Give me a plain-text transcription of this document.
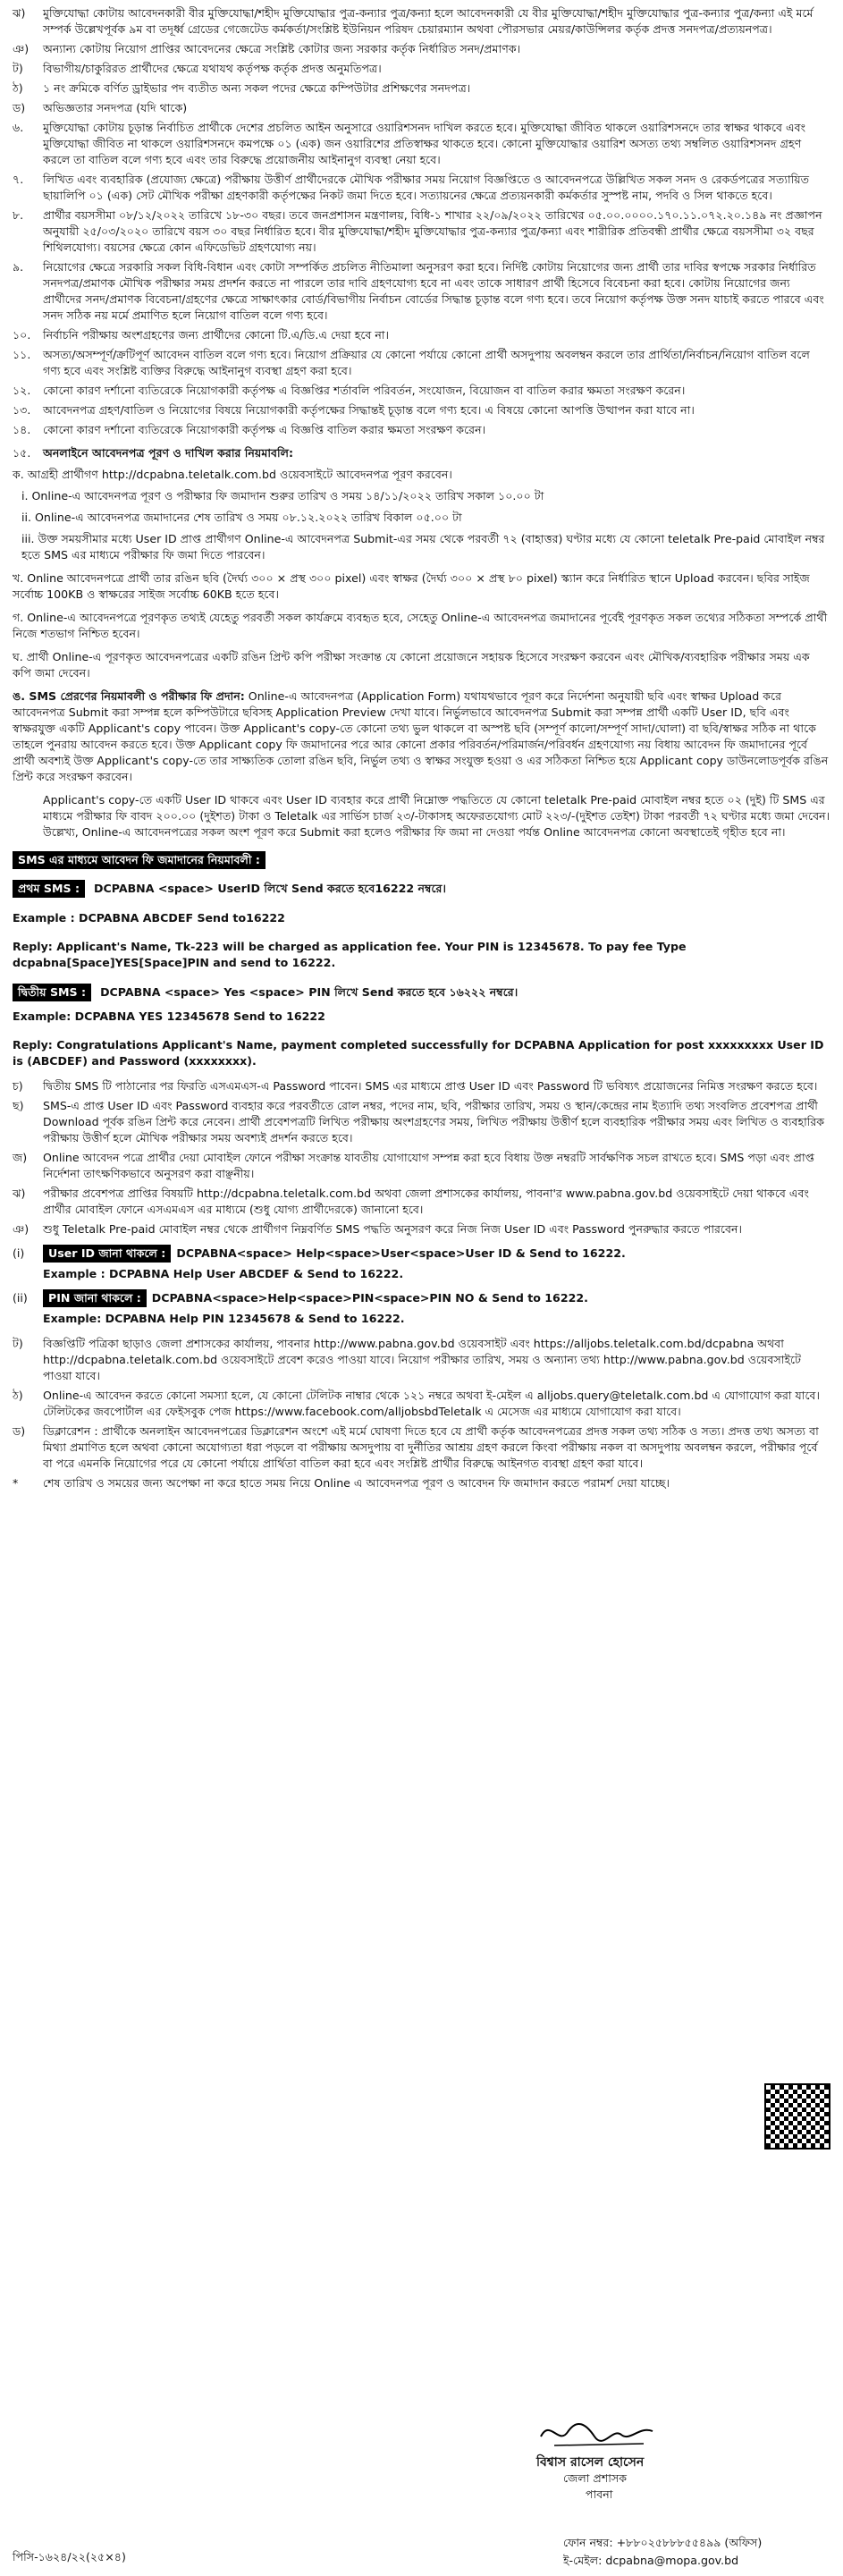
ঝ)	মুক্তিযোদ্ধা কোটায় আবেদনকারী বীর মুক্তিযোদ্ধা/শহীদ মুক্তিযোদ্ধার পুত্র-কন্যার পুত্র/কন্যা হলে আবেদনকারী যে বীর মুক্তিযোদ্ধা/শহীদ মুক্তিযোদ্ধার পুত্র-কন্যার পুত্র/কন্যা এই মর্মে সম্পর্ক উল্লেখপূর্বক ৯ম বা তদূর্ধ্ব গ্রেডের গেজেটেড কর্মকর্তা/সংশ্লিষ্ট ইউনিয়ন পরিষদ চেয়ারম্যান অথবা পৌরসভার মেয়র/কাউন্সিলর কর্তৃক প্রদত্ত সনদপত্র/প্রত্যয়নপত্র।
ঞ)	অন্যান্য কোটায় নিয়োগ প্রাপ্তির আবেদনের ক্ষেত্রে সংশ্লিষ্ট কোটার জন্য সরকার কর্তৃক নির্ধারিত সনদ/প্রমাণক।
ট)	বিভাগীয়/চাকুরিরত প্রার্থীদের ক্ষেত্রে যথাযথ কর্তৃপক্ষ কর্তৃক প্রদত্ত অনুমতিপত্র।
ঠ)	১ নং ক্রমিকে বর্ণিত ড্রাইভার পদ ব্যতীত অন্য সকল পদের ক্ষেত্রে কম্পিউটার প্রশিক্ষণের সনদপত্র।
ড)	অভিজ্ঞতার সনদপত্র (যদি থাকে)
৬.	মুক্তিযোদ্ধা কোটায় চূড়ান্ত নির্বাচিত প্রার্থীকে দেশের প্রচলিত আইন অনুসারে ওয়ারিশসনদ দাখিল করতে হবে। মুক্তিযোদ্ধা জীবিত থাকলে ওয়ারিশসনদে তার স্বাক্ষর থাকবে এবং মুক্তিযোদ্ধা জীবিত না থাকলে ওয়ারিশসনদে কমপক্ষে ০১ (এক) জন ওয়ারিশের প্রতিস্বাক্ষর থাকতে হবে। কোনো মুক্তিযোদ্ধার ওয়ারিশ অসত্য তথ্য সম্বলিত ওয়ারিশসনদ গ্রহণ করলে তা বাতিল বলে গণ্য হবে এবং তার বিরুদ্ধে প্রয়োজনীয় আইনানুগ ব্যবস্থা নেয়া হবে।
৭.	লিখিত এবং ব্যবহারিক (প্রযোজ্য ক্ষেত্রে) পরীক্ষায় উত্তীর্ণ প্রার্থীদেরকে মৌখিক পরীক্ষার সময় নিয়োগ বিজ্ঞপ্তিতে ও আবেদনপত্রে উল্লিখিত সকল সনদ ও রেকর্ডপত্রের সত্যায়িত ছায়ালিপি ০১ (এক) সেট মৌখিক পরীক্ষা গ্রহণকারী কর্তৃপক্ষের নিকট জমা দিতে হবে। সত্যায়নের ক্ষেত্রে প্রত্যয়নকারী কর্মকর্তার সুস্পষ্ট নাম, পদবি ও সিল থাকতে হবে।
৮.	প্রার্থীর বয়সসীমা ০৮/১২/২০২২ তারিখে ১৮-৩০ বছর। তবে জনপ্রশাসন মন্ত্রণালয়, বিধি-১ শাখার ২২/০৯/২০২২ তারিখের ০৫.০০.০০০০.১৭০.১১.০৭২.২০.১৪৯ নং প্রজ্ঞাপন অনুযায়ী ২৫/০৩/২০২০ তারিখে বয়স ৩০ বছর নির্ধারিত হবে। বীর মুক্তিযোদ্ধা/শহীদ মুক্তিযোদ্ধার পুত্র-কন্যার পুত্র/কন্যা এবং শারীরিক প্রতিবন্ধী প্রার্থীর ক্ষেত্রে বয়সসীমা ৩২ বছর শিথিলযোগ্য। বয়সের ক্ষেত্রে কোন এফিডেভিট গ্রহণযোগ্য নয়।
৯.	নিয়োগের ক্ষেত্রে সরকারি সকল বিধি-বিধান এবং কোটা সম্পর্কিত প্রচলিত নীতিমালা অনুসরণ করা হবে। নির্দিষ্ট কোটায় নিয়োগের জন্য প্রার্থী তার দাবির স্বপক্ষে সরকার নির্ধারিত সনদপত্র/প্রমাণক মৌখিক পরীক্ষার সময় প্রদর্শন করতে না পারলে তার দাবি গ্রহণযোগ্য হবে না এবং তাকে সাধারণ প্রার্থী হিসেবে বিবেচনা করা হবে। কোটায় নিয়োগের জন্য প্রার্থীদের সনদ/প্রমাণক বিবেচনা/গ্রহণের ক্ষেত্রে সাক্ষাৎকার বোর্ড/বিভাগীয় নির্বাচন বোর্ডের সিদ্ধান্ত চূড়ান্ত বলে গণ্য হবে। তবে নিয়োগ কর্তৃপক্ষ উক্ত সনদ যাচাই করতে পারবে এবং সনদ সঠিক নয় মর্মে প্রমাণিত হলে নিয়োগ বাতিল বলে গণ্য হবে।
১০.	নির্বাচনি পরীক্ষায় অংশগ্রহণের জন্য প্রার্থীদের কোনো টি.এ/ডি.এ দেয়া হবে না।
১১.	অসত্য/অসম্পূর্ণ/ক্রটিপূর্ণ আবেদন বাতিল বলে গণ্য হবে। নিয়োগ প্রক্রিয়ার যে কোনো পর্যায়ে কোনো প্রার্থী অসদুপায় অবলম্বন করলে তার প্রার্থিতা/নির্বাচন/নিয়োগ বাতিল বলে গণ্য হবে এবং সংশ্লিষ্ট ব্যক্তির বিরুদ্ধে আইনানুগ ব্যবস্থা গ্রহণ করা হবে।
১২.	কোনো কারণ দর্শানো ব্যতিরেকে নিয়োগকারী কর্তৃপক্ষ এ বিজ্ঞপ্তির শর্তাবলি পরিবর্তন, সংযোজন, বিয়োজন বা বাতিল করার ক্ষমতা সংরক্ষণ করেন।
১৩.	আবেদনপত্র গ্রহণ/বাতিল ও নিয়োগের বিষয়ে নিয়োগকারী কর্তৃপক্ষের সিদ্ধান্তই চূড়ান্ত বলে গণ্য হবে। এ বিষয়ে কোনো আপত্তি উত্থাপন করা যাবে না।
১৪.	কোনো কারণ দর্শানো ব্যতিরেকে নিয়োগকারী কর্তৃপক্ষ এ বিজ্ঞপ্তি বাতিল করার ক্ষমতা সংরক্ষণ করেন।
১৫.	অনলাইনে আবেদনপত্র পূরণ ও দাখিল করার নিয়মাবলি:
ক. আগ্রহী প্রার্থীগণ http://dcpabna.teletalk.com.bd ওয়েবসাইটে আবেদনপত্র পূরণ করবেন।
i. Online-এ আবেদনপত্র পূরণ ও পরীক্ষার ফি জমাদান শুরুর তারিখ ও সময় ১৪/১১/২০২২ তারিখ সকাল ১০.০০ টা
ii. Online-এ আবেদনপত্র জমাদানের শেষ তারিখ ও সময় ০৮.১২.২০২২ তারিখ বিকাল ০৫.০০ টা
iii. উক্ত সময়সীমার মধ্যে User ID প্রাপ্ত প্রার্থীগণ Online-এ আবেদনপত্র Submit-এর সময় থেকে পরবর্তী ৭২ (বাহাত্তর) ঘণ্টার মধ্যে যে কোনো teletalk Pre-paid মোবাইল নম্বর হতে SMS এর মাধ্যমে পরীক্ষার ফি জমা দিতে পারবেন।
খ. Online আবেদনপত্রে প্রার্থী তার রঙিন ছবি (দৈর্ঘ্য ৩০০ × প্রস্থ ৩০০ pixel) এবং স্বাক্ষর (দৈর্ঘ্য ৩০০ × প্রস্থ ৮০ pixel) স্ক্যান করে নির্ধারিত স্থানে Upload করবেন। ছবির সাইজ সর্বোচ্চ 100KB ও স্বাক্ষরের সাইজ সর্বোচ্চ 60KB হতে হবে।
গ. Online-এ আবেদনপত্রে পূরণকৃত তথ্যই যেহেতু পরবর্তী সকল কার্যক্রমে ব্যবহৃত হবে, সেহেতু Online-এ আবেদনপত্র জমাদানের পূর্বেই পূরণকৃত সকল তথ্যের সঠিকতা সম্পর্কে প্রার্থী নিজে শতভাগ নিশ্চিত হবেন।
ঘ. প্রার্থী Online-এ পূরণকৃত আবেদনপত্রের একটি রঙিন প্রিন্ট কপি পরীক্ষা সংক্রান্ত যে কোনো প্রয়োজনে সহায়ক হিসেবে সংরক্ষণ করবেন এবং মৌখিক/ব্যবহারিক পরীক্ষার সময় এক কপি জমা দেবেন।
ঙ. SMS প্রেরণের নিয়মাবলী ও পরীক্ষার ফি প্রদান: Online-এ আবেদনপত্র (Application Form) যথাযথভাবে পূরণ করে নির্দেশনা অনুযায়ী ছবি এবং স্বাক্ষর Upload করে আবেদনপত্র Submit করা সম্পন্ন হলে কম্পিউটারে ছবিসহ Application Preview দেখা যাবে। নির্ভুলভাবে আবেদনপত্র Submit করা সম্পন্ন প্রার্থী একটি User ID, ছবি এবং স্বাক্ষরযুক্ত একটি Applicant's copy পাবেন। উক্ত Applicant's copy-তে কোনো তথ্য ভুল থাকলে বা অস্পষ্ট ছবি (সম্পূর্ণ কালো/সম্পূর্ণ সাদা/ঘোলা) বা ছবি/স্বাক্ষর সঠিক না থাকে তাহলে পুনরায় আবেদন করতে হবে। উক্ত Applicant copy ফি জমাদানের পরে আর কোনো প্রকার পরিবর্তন/পরিমার্জন/পরিবর্ধন গ্রহণযোগ্য নয় বিধায় আবেদন ফি জমাদানের পূর্বে প্রার্থী অবশ্যই উক্ত Applicant's copy-তে তার সাক্ষ্যতিক তোলা রঙিন ছবি, নির্ভুল তথ্য ও স্বাক্ষর সংযুক্ত হওয়া ও এর সঠিকতা নিশ্চিত হয়ে Applicant copy ডাউনলোডপূর্বক রঙিন প্রিন্ট করে সংরক্ষণ করবেন।
Applicant's copy-তে একটি User ID থাকবে এবং User ID ব্যবহার করে প্রার্থী নিম্নোক্ত পদ্ধতিতে যে কোনো teletalk Pre-paid মোবাইল নম্বর হতে ০২ (দুই) টি SMS এর মাধ্যমে পরীক্ষার ফি বাবদ ২০০.০০ (দুইশত) টাকা ও Teletalk এর সার্ভিস চার্জ ২৩/-টাকাসহ অফেরতযোগ্য মোট ২২৩/-(দুইশত তেইশ) টাকা পরবর্তী ৭২ ঘণ্টার মধ্যে জমা দেবেন। উল্লেখ্য, Online-এ আবেদনপত্রের সকল অংশ পূরণ করে Submit করা হলেও পরীক্ষার ফি জমা না দেওয়া পর্যন্ত Online আবেদনপত্র কোনো অবস্থাতেই গৃহীত হবে না।
SMS এর মাধ্যমে আবেদন ফি জমাদানের নিয়মাবলী :
প্রথম SMS : DCPABNA <space> UserID লিখে Send করতে হবে16222 নম্বরে।
Example : DCPABNA ABCDEF Send to16222
Reply: Applicant's Name, Tk-223 will be charged as application fee. Your PIN is 12345678. To pay fee Type dcpabna[Space]YES[Space]PIN and send to 16222.
দ্বিতীয় SMS : DCPABNA <space> Yes <space> PIN লিখে Send করতে হবে ১৬২২২ নম্বরে।
Example: DCPABNA YES 12345678 Send to 16222
Reply: Congratulations Applicant's Name, payment completed successfully for DCPABNA Application for post xxxxxxxxx User ID is (ABCDEF) and Password (xxxxxxxx).
চ)	দ্বিতীয় SMS টি পাঠানোর পর ফিরতি এসএমএস-এ Password পাবেন। SMS এর মাধ্যমে প্রাপ্ত User ID এবং Password টি ভবিষ্যৎ প্রয়োজনের নিমিত্ত সংরক্ষণ করতে হবে।
ছ)	SMS-এ প্রাপ্ত User ID এবং Password ব্যবহার করে পরবর্তীতে রোল নম্বর, পদের নাম, ছবি, পরীক্ষার তারিখ, সময় ও স্থান/কেন্দ্রের নাম ইত্যাদি তথ্য সংবলিত প্রবেশপত্র প্রার্থী Download পূর্বক রঙিন প্রিন্ট করে নেবেন। প্রার্থী প্রবেশপত্রটি লিখিত পরীক্ষায় অংশগ্রহণের সময়, লিখিত পরীক্ষায় উত্তীর্ণ হলে ব্যবহারিক পরীক্ষার সময় এবং লিখিত ও ব্যবহারিক পরীক্ষায় উত্তীর্ণ হলে মৌখিক পরীক্ষার সময় অবশ্যই প্রদর্শন করতে হবে।
জ)	Online আবেদন পত্রে প্রার্থীর দেয়া মোবাইল ফোনে পরীক্ষা সংক্রান্ত যাবতীয় যোগাযোগ সম্পন্ন করা হবে বিধায় উক্ত নম্বরটি সার্বক্ষণিক সচল রাখতে হবে। SMS পড়া এবং প্রাপ্ত নির্দেশনা তাৎক্ষণিকভাবে অনুসরণ করা বাঞ্ছনীয়।
ঝ)	পরীক্ষার প্রবেশপত্র প্রাপ্তির বিষয়টি http://dcpabna.teletalk.com.bd অথবা জেলা প্রশাসকের কার্যালয়, পাবনা'র www.pabna.gov.bd ওয়েবসাইটে দেয়া থাকবে এবং প্রার্থীর মোবাইল ফোনে এসএমএস এর মাধ্যমে (শুধু যোগ্য প্রার্থীদেরকে) জানানো হবে।
ঞ)	শুধু Teletalk Pre-paid মোবাইল নম্বর থেকে প্রার্থীগণ নিম্নবর্ণিত SMS পদ্ধতি অনুসরণ করে নিজ নিজ User ID এবং Password পুনরুদ্ধার করতে পারবেন।
(i) User ID জানা থাকলে : DCPABNA<space> Help<space>User<space>User ID & Send to 16222.
Example : DCPABNA Help User ABCDEF & Send to 16222.
(ii) PIN জানা থাকলে : DCPABNA<space>Help<space>PIN<space>PIN NO & Send to 16222.
Example: DCPABNA Help PIN 12345678 & Send to 16222.
ট)	বিজ্ঞপ্তিটি পত্রিকা ছাড়াও জেলা প্রশাসকের কার্যালয়, পাবনার http://www.pabna.gov.bd ওয়েবসাইট এবং https://alljobs.teletalk.com.bd/dcpabna অথবা http://dcpabna.teletalk.com.bd ওয়েবসাইটে প্রবেশ করেও পাওয়া যাবে। নিয়োগ পরীক্ষার তারিখ, সময় ও অন্যান্য তথ্য http://www.pabna.gov.bd ওয়েবসাইটে পাওয়া যাবে।
ঠ)	Online-এ আবেদন করতে কোনো সমস্যা হলে, যে কোনো টেলিটক নাম্বার থেকে ১২১ নম্বরে অথবা ই-মেইল এ alljobs.query@teletalk.com.bd এ যোগাযোগ করা যাবে। টেলিটকের জবপোর্টাল এর ফেইসবুক পেজ https://www.facebook.com/alljobsbdTeletalk এ মেসেজ এর মাধ্যমে যোগাযোগ করা যাবে।
ড)	ডিক্লারেশন : প্রার্থীকে অনলাইন আবেদনপত্রের ডিক্লারেশন অংশে এই মর্মে ঘোষণা দিতে হবে যে প্রার্থী কর্তৃক আবেদনপত্রের প্রদত্ত সকল তথ্য সঠিক ও সত্য। প্রদত্ত তথ্য অসত্য বা মিথ্যা প্রমাণিত হলে অথবা কোনো অযোগ্যতা ধরা পড়লে বা পরীক্ষায় অসদুপায় বা দুর্নীতির আশ্রয় গ্রহণ করলে কিংবা পরীক্ষায় নকল বা অসদুপায় অবলম্বন করলে, পরীক্ষার পূর্বে বা পরে এমনকি নিয়োগের পরে যে কোনো পর্যায়ে প্রার্থিতা বাতিল করা হবে এবং সংশ্লিষ্ট প্রার্থীর বিরুদ্ধে আইনগত ব্যবস্থা গ্রহণ করা যাবে।
*	শেষ তারিখ ও সময়ের জন্য অপেক্ষা না করে হাতে সময় নিয়ে Online এ আবেদনপত্র পূরণ ও আবেদন ফি জমাদান করতে পরামর্শ দেয়া যাচ্ছে।
বিশ্বাস রাসেল হোসেন
জেলা প্রশাসক
পাবনা
ফোন নম্বর: +৮৮০২৫৮৮৮৫৫৪৯৯ (অফিস)
ই-মেইল: dcpabna@mopa.gov.bd
পিসি-১৬২৪/২২(২৫×৪)
